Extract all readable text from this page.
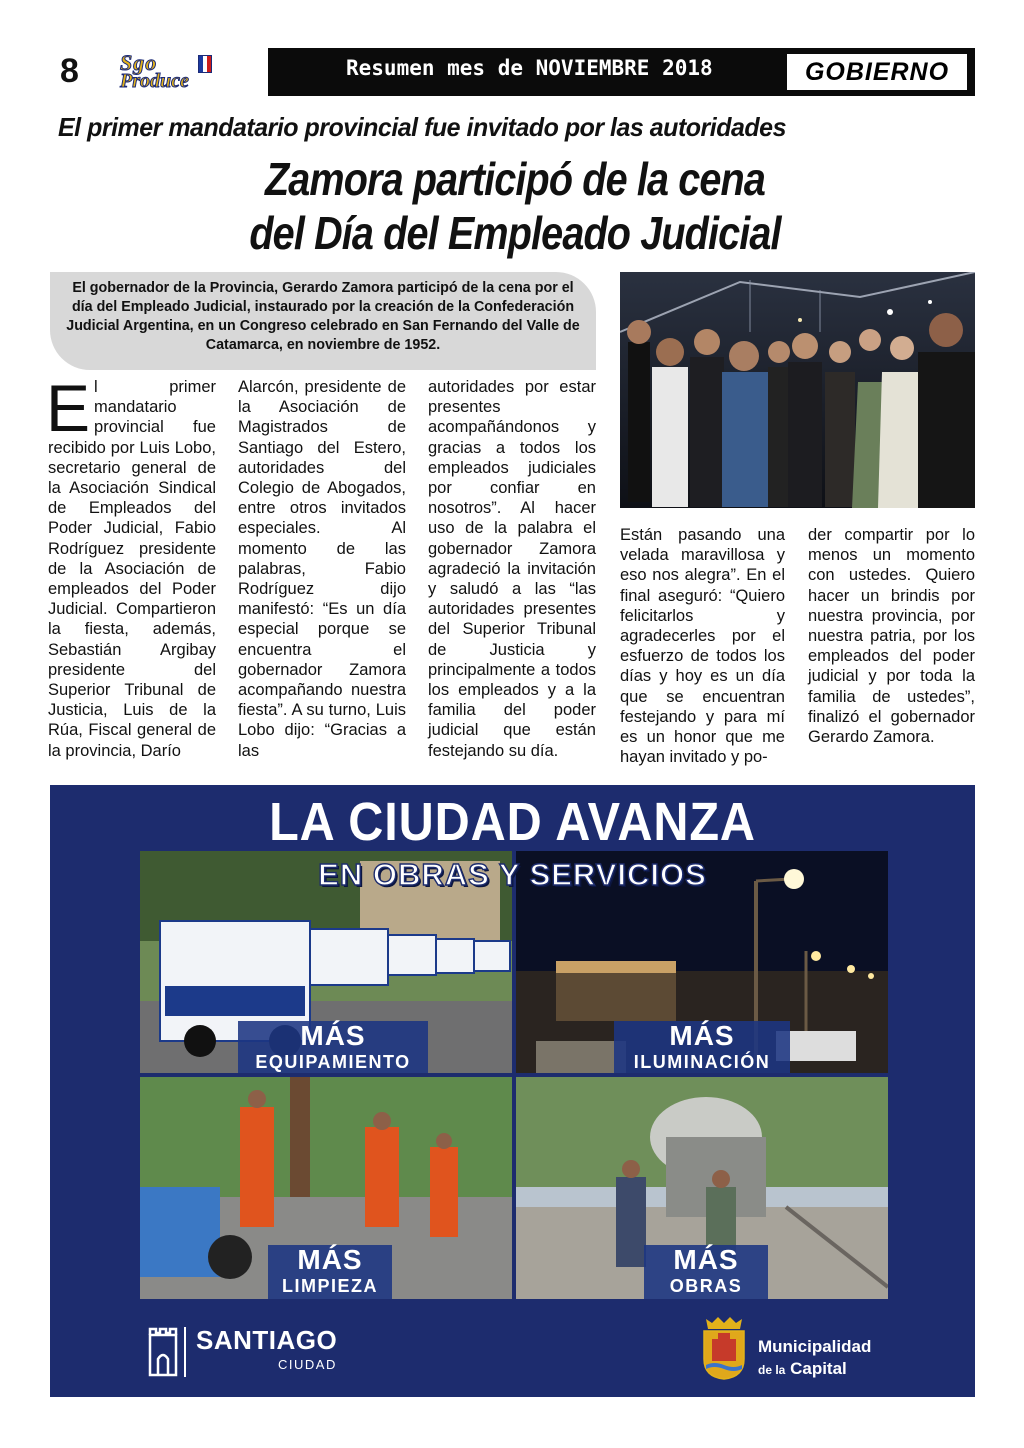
8 Sgo
Produce
Resumen mes de NOVIEMBRE 2018	GOBIERNO
El primer mandatario provincial fue invitado por las autoridades
Zamora participó de la cena
del Día del Empleado Judicial

El gobernador de la Provincia, Gerardo Zamora participó de la cena por el día del Empleado Judicial, instaurado por la creación de la Confederación Judicial Argentina, en un Congreso celebrado en San Fernando del Valle de Catamarca, en noviembre de 1952.

El primer mandatario provincial fue recibido por Luis Lobo, secretario general de la Asociación Sindical de Empleados del Poder Judicial, Fabio Rodríguez presidente de la Asociación de empleados del Poder Judicial. Compartieron la fiesta, además, Sebastián Argibay presidente del Superior Tribunal de Justicia, Luis de la Rúa, Fiscal general de la provincia, Darío
Alarcón, presidente de la Asociación de Magistrados de Santiago del Estero, autoridades del Colegio de Abogados, entre otros invitados especiales. Al momento de las palabras, Fabio Rodríguez dijo manifestó: “Es un día especial porque se encuentra el gobernador Zamora acompañando nuestra fiesta”. A su turno, Luis Lobo dijo: “Gracias a las
autoridades por estar presentes acompañándonos y gracias a todos los empleados judiciales por confiar en nosotros”. Al hacer uso de la palabra el gobernador Zamora agradeció la invitación y saludó a las “las autoridades presentes del Superior Tribunal de Justicia y principalmente a todos los empleados y a la familia del poder judicial que están festejando su día.
Están pasando una velada maravillosa y eso nos alegra”. En el final aseguró: “Quiero felicitarlos y agradecerles por el esfuerzo de todos los días y hoy es un día que se encuentran festejando y para mí es un honor que me hayan invitado y po-
der compartir por lo menos un momento con ustedes. Quiero hacer un brindis por nuestra provincia, por nuestra patria, por los empleados del poder judicial y por toda la familia de ustedes”, finalizó el gobernador Gerardo Zamora.
MÁS
EQUIPAMIENTO
MÁS
ILUMINACIÓN
MÁS
LIMPIEZA
MÁS
OBRAS
LA CIUDAD AVANZA
EN OBRAS Y SERVICIOS
SANTIAGO
CIUDAD
Municipalidad
de la Capital
